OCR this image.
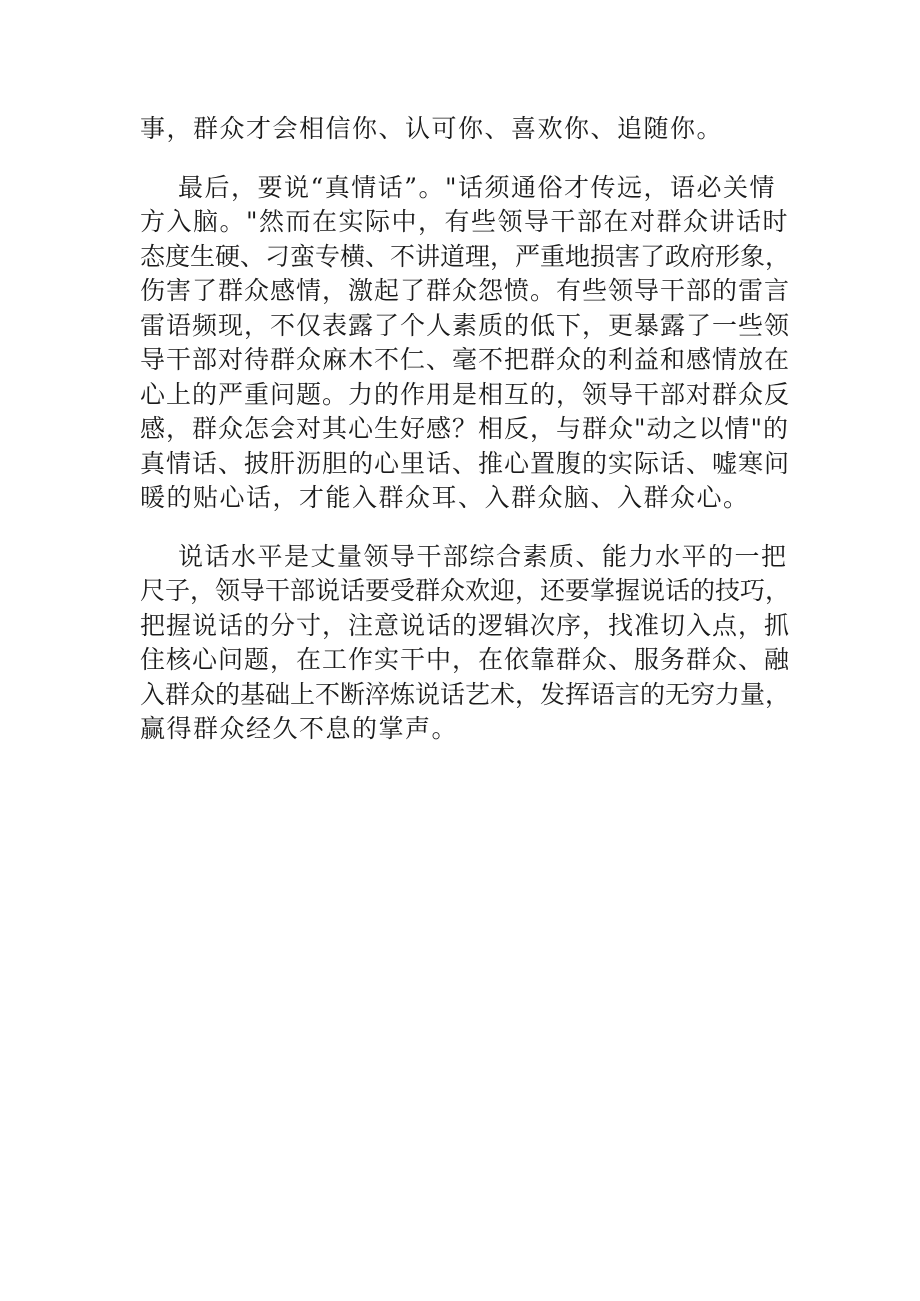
事，群众才会相信你、认可你、喜欢你、追随你。
最后，要说“真情话”。"话须通俗才传远，语必关情
方入脑。"然而在实际中，有些领导干部在对群众讲话时
态度生硬、刁蛮专横、不讲道理，严重地损害了政府形象，
伤害了群众感情，激起了群众怨愤。有些领导干部的雷言
雷语频现，不仅表露了个人素质的低下，更暴露了一些领
导干部对待群众麻木不仁、毫不把群众的利益和感情放在
心上的严重问题。力的作用是相互的，领导干部对群众反
感，群众怎会对其心生好感？相反，与群众"动之以情"的
真情话、披肝沥胆的心里话、推心置腹的实际话、嘘寒问
暖的贴心话，才能入群众耳、入群众脑、入群众心。
说话水平是丈量领导干部综合素质、能力水平的一把
尺子，领导干部说话要受群众欢迎，还要掌握说话的技巧，
把握说话的分寸，注意说话的逻辑次序，找准切入点，抓
住核心问题，在工作实干中，在依靠群众、服务群众、融
入群众的基础上不断淬炼说话艺术，发挥语言的无穷力量，
赢得群众经久不息的掌声。
